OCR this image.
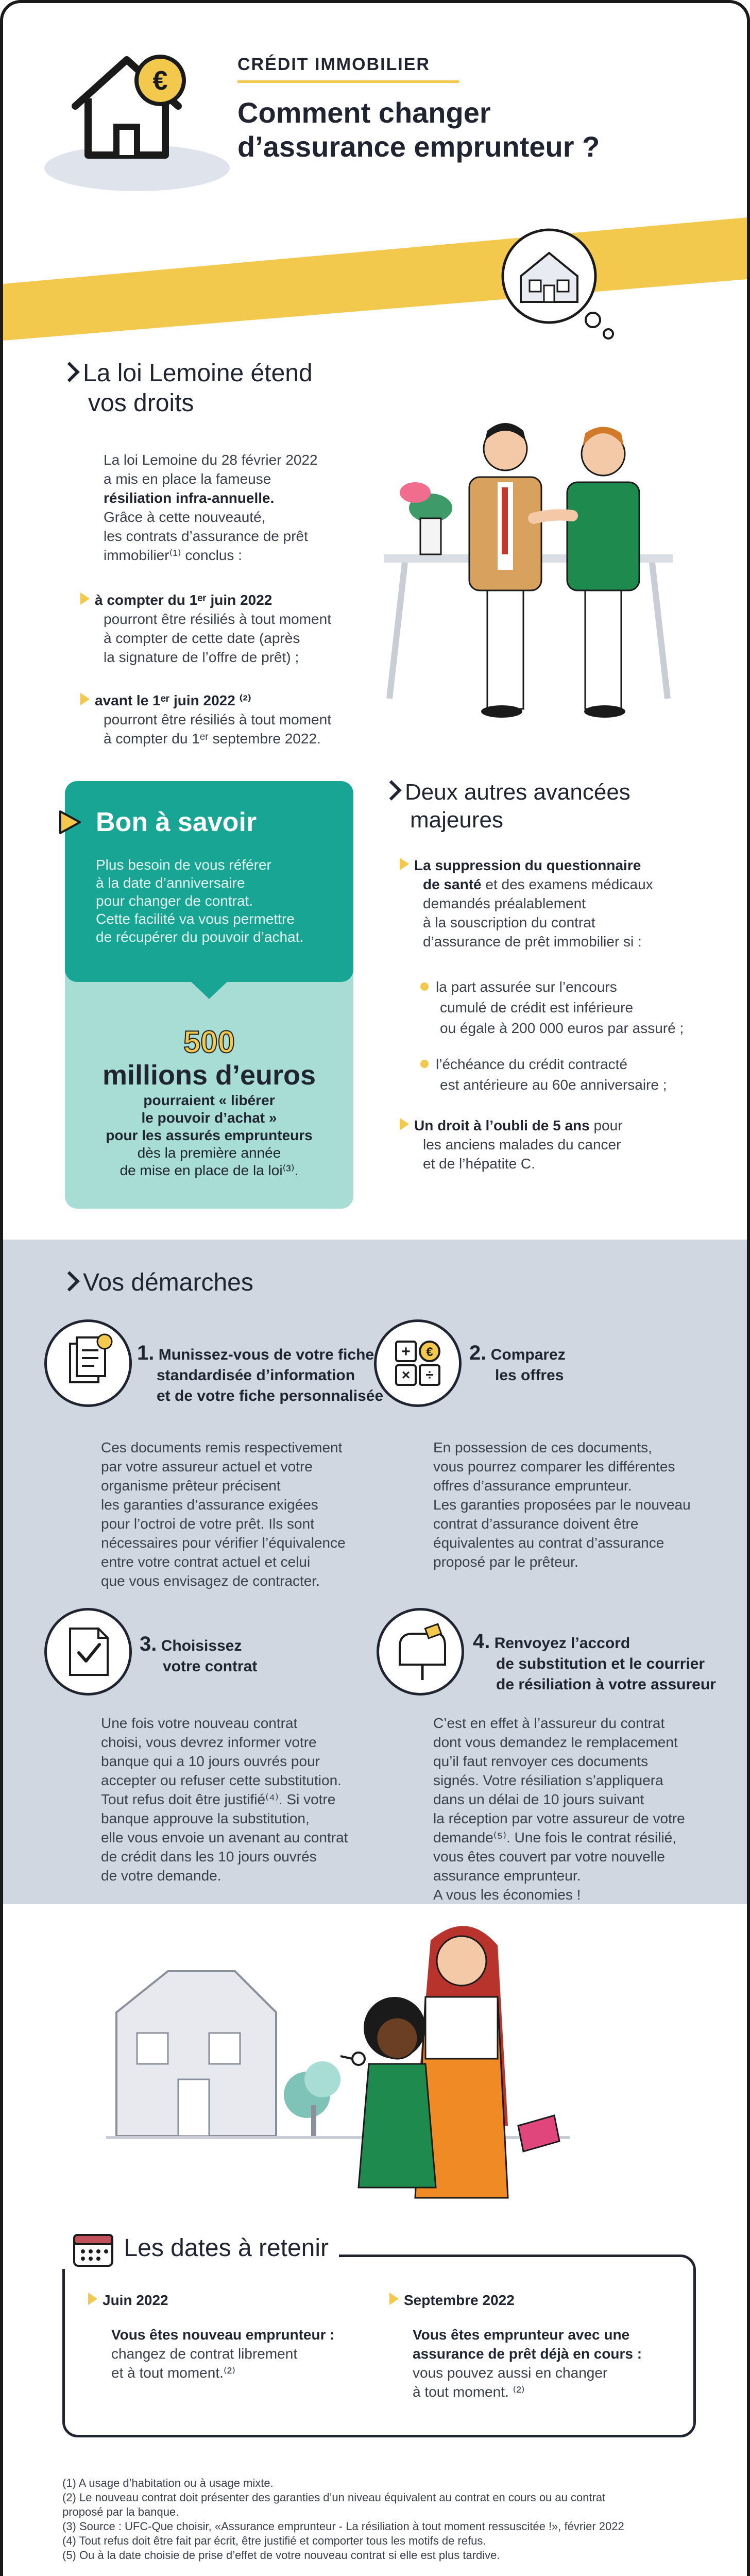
€
CRÉDIT IMMOBILIER
Comment changer
d’assurance emprunteur ?
La loi Lemoine étend
vos droits
La loi Lemoine du 28 février 2022
a mis en place la fameuse
résiliation infra-annuelle.
Grâce à cette nouveauté,
les contrats d’assurance de prêt
immobilier⁽¹⁾ conclus :
à compter du 1ᵉʳ juin 2022
pourront être résiliés à tout moment
à compter de cette date (après
la signature de l’offre de prêt) ;
avant le 1ᵉʳ juin 2022 ⁽²⁾
pourront être résiliés à tout moment
à compter du 1ᵉʳ septembre 2022.
Bon à savoir
Plus besoin de vous référer
à la date d’anniversaire
pour changer de contrat.
Cette facilité va vous permettre
de récupérer du pouvoir d’achat.
500
millions d’euros
pourraient « libérer
le pouvoir d’achat »
pour les assurés emprunteurs
dès la première année
de mise en place de la loi⁽³⁾.
Deux autres avancées
majeures
La suppression du questionnaire
de santé et des examens médicaux
demandés préalablement
à la souscription du contrat
d’assurance de prêt immobilier si :
la part assurée sur l’encours
cumulé de crédit est inférieure
ou égale à 200 000 euros par assuré ;
l’échéance du crédit contracté
est antérieure au 60e anniversaire ;
Un droit à l’oubli de 5 ans pour
les anciens malades du cancer
et de l’hépatite C.
Vos démarches
1. Munissez-vous de votre fiche
standardisée d’information
et de votre fiche personnalisée
Ces documents remis respectivement
par votre assureur actuel et votre
organisme prêteur précisent
les garanties d’assurance exigées
pour l’octroi de votre prêt. Ils sont
nécessaires pour vérifier l’équivalence
entre votre contrat actuel et celui
que vous envisagez de contracter.
+ €
× ÷
2. Comparez
les offres
En possession de ces documents,
vous pourrez comparer les différentes
offres d’assurance emprunteur.
Les garanties proposées par le nouveau
contrat d’assurance doivent être
équivalentes au contrat d’assurance
proposé par le prêteur.
3. Choisissez
votre contrat
Une fois votre nouveau contrat
choisi, vous devrez informer votre
banque qui a 10 jours ouvrés pour
accepter ou refuser cette substitution.
Tout refus doit être justifié⁽⁴⁾. Si votre
banque approuve la substitution,
elle vous envoie un avenant au contrat
de crédit dans les 10 jours ouvrés
de votre demande.
4. Renvoyez l’accord
de substitution et le courrier
de résiliation à votre assureur
C’est en effet à l’assureur du contrat
dont vous demandez le remplacement
qu’il faut renvoyer ces documents
signés. Votre résiliation s’appliquera
dans un délai de 10 jours suivant
la réception par votre assureur de votre
demande⁽⁵⁾. Une fois le contrat résilié,
vous êtes couvert par votre nouvelle
assurance emprunteur.
A vous les économies !
Les dates à retenir
Juin 2022
Vous êtes nouveau emprunteur :
changez de contrat librement
et à tout moment.⁽²⁾
Septembre 2022
Vous êtes emprunteur avec une
assurance de prêt déjà en cours :
vous pouvez aussi en changer
à tout moment. ⁽²⁾
(1) A usage d’habitation ou à usage mixte.
(2) Le nouveau contrat doit présenter des garanties d’un niveau équivalent au contrat en cours ou au contrat
proposé par la banque.
(3) Source : UFC-Que choisir, «Assurance emprunteur - La résiliation à tout moment ressuscitée !», février 2022
(4) Tout refus doit être fait par écrit, être justifié et comporter tous les motifs de refus.
(5) Ou à la date choisie de prise d’effet de votre nouveau contrat si elle est plus tardive.
